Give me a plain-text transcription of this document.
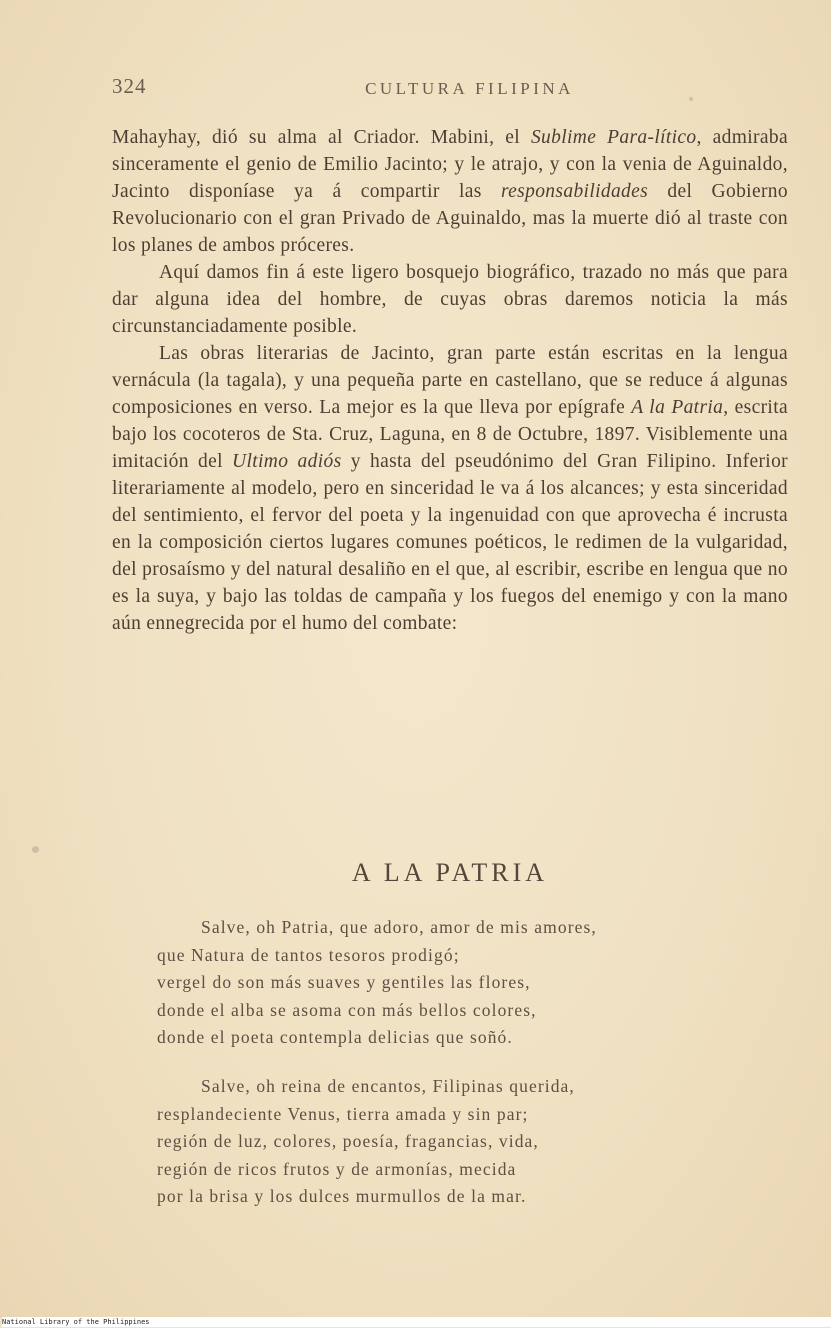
324	CULTURA FILIPINA

Mahayhay, dió su alma al Criador. Mabini, el Sublime Para-lítico, admiraba sinceramente el genio de Emilio Jacinto; y le atrajo, y con la venia de Aguinaldo, Jacinto disponíase ya á compartir las responsabilidades del Gobierno Revolucionario con el gran Privado de Aguinaldo, mas la muerte dió al traste con los planes de ambos próceres.

Aquí damos fin á este ligero bosquejo biográfico, trazado no más que para dar alguna idea del hombre, de cuyas obras daremos noticia la más circunstanciadamente posible.

Las obras literarias de Jacinto, gran parte están escritas en la lengua vernácula (la tagala), y una pequeña parte en castellano, que se reduce á algunas composiciones en verso. La mejor es la que lleva por epígrafe A la Patria, escrita bajo los cocoteros de Sta. Cruz, Laguna, en 8 de Octubre, 1897. Visiblemente una imitación del Ultimo adiós y hasta del pseudónimo del Gran Filipino. Inferior literariamente al modelo, pero en sinceridad le va á los alcances; y esta sinceridad del sentimiento, el fervor del poeta y la ingenuidad con que aprovecha é incrusta en la composición ciertos lugares comunes poéticos, le redimen de la vulgaridad, del prosaísmo y del natural desaliño en el que, al escribir, escribe en lengua que no es la suya, y bajo las toldas de campaña y los fuegos del enemigo y con la mano aún ennegrecida por el humo del combate:

A LA PATRIA
Salve, oh Patria, que adoro, amor de mis amores,
que Natura de tantos tesoros prodigó;
vergel do son más suaves y gentiles las flores,
donde el alba se asoma con más bellos colores,
donde el poeta contempla delicias que soñó.
Salve, oh reina de encantos, Filipinas querida,
resplandeciente Venus, tierra amada y sin par;
región de luz, colores, poesía, fragancias, vida,
región de ricos frutos y de armonías, mecida
por la brisa y los dulces murmullos de la mar.
National Library of the Philippines
